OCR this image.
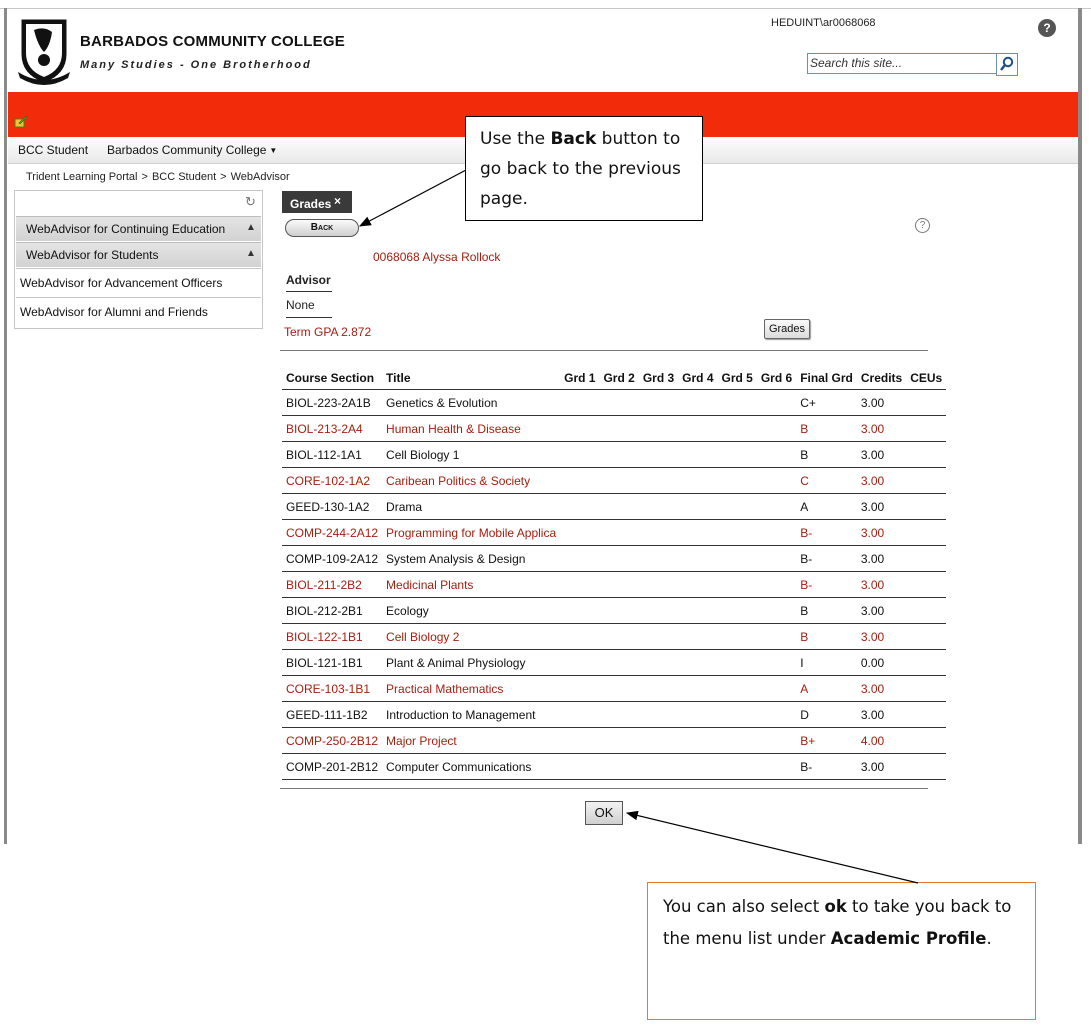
BARBADOS COMMUNITY COLLEGE
Many Studies - One Brotherhood
HEDUINT\ar0068068	?
Search this site...
BCC Student Barbados Community College ▼
Trident Learning Portal > BCC Student > WebAdvisor
↻
WebAdvisor for Continuing Education ▲
WebAdvisor for Students	▲
WebAdvisor for Advancement Officers
WebAdvisor for Alumni and Friends
Grades ×
Back	?
0068068 Alyssa Rollock
Advisor
None
Term GPA 2.872	Grades
Course Section	Title	Grd 1	Grd 2	Grd 3	Grd 4	Grd 5	Grd 6	Final Grd	Credits	CEUs
BIOL-223-2A1B	Genetics & Evolution							C+	3.00	
BIOL-213-2A4	Human Health & Disease							B	3.00	
BIOL-112-1A1	Cell Biology 1							B	3.00	
CORE-102-1A2	Caribean Politics & Society							C	3.00	
GEED-130-1A2	Drama							A	3.00	
COMP-244-2A12	Programming for Mobile Applica							B-	3.00	
COMP-109-2A12	System Analysis & Design							B-	3.00	
BIOL-211-2B2	Medicinal Plants							B-	3.00	
BIOL-212-2B1	Ecology							B	3.00	
BIOL-122-1B1	Cell Biology 2							B	3.00	
BIOL-121-1B1	Plant & Animal Physiology							I	0.00	
CORE-103-1B1	Practical Mathematics							A	3.00	
GEED-111-1B2	Introduction to Management							D	3.00	
COMP-250-2B12	Major Project							B+	4.00	
COMP-201-2B12	Computer Communications							B-	3.00	
OK
Use the Back button to go back to the previous page.
You can also select ok to take you back to the menu list under Academic Profile.
